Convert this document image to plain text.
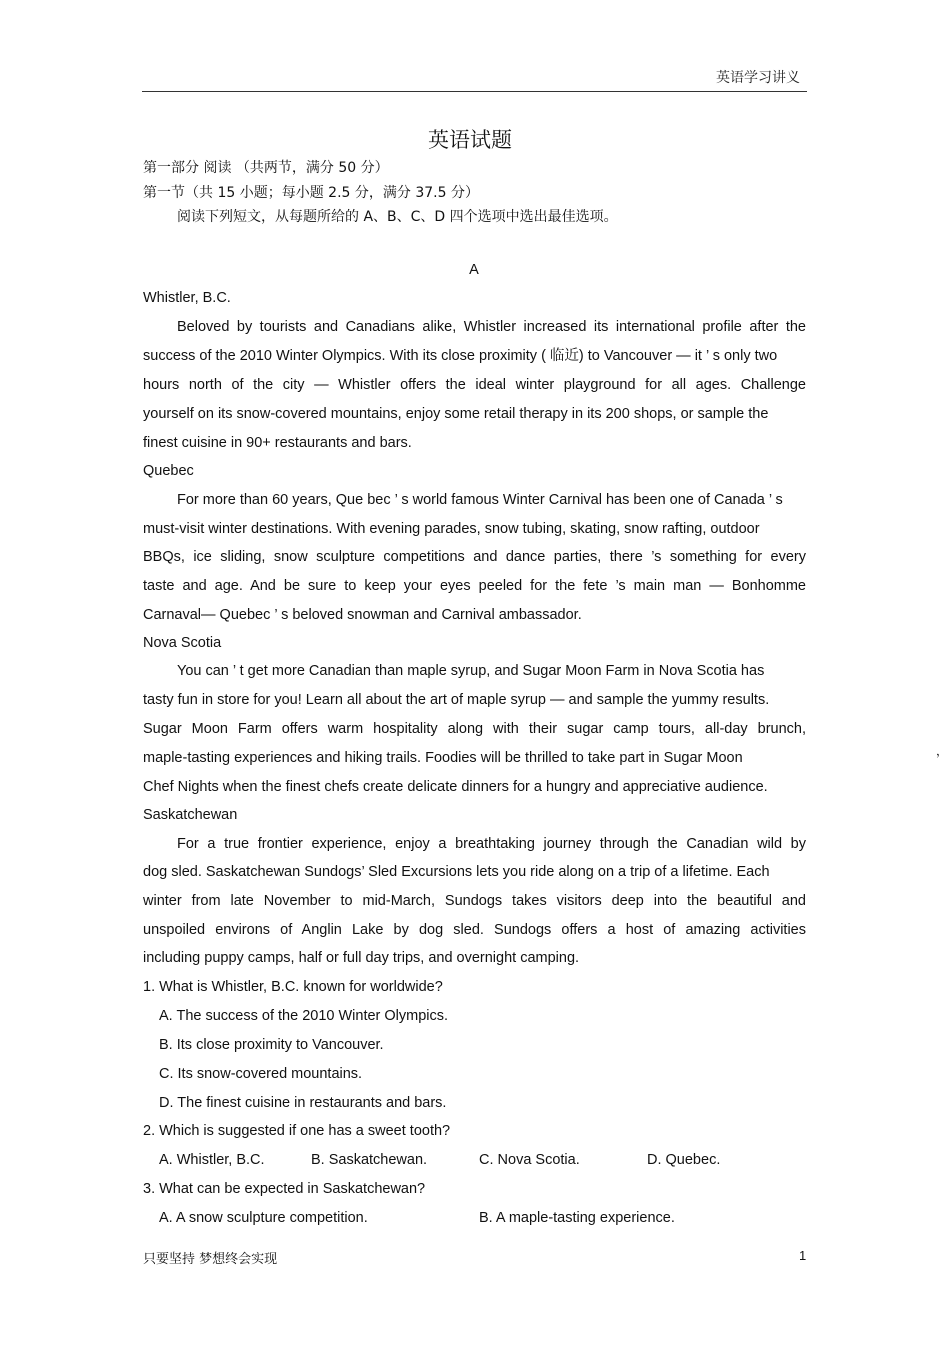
英语学习讲义
英语试题
第一部分 阅读 （共两节，满分 50 分）
第一节（共 15 小题；每小题 2.5 分，满分 37.5 分）
阅读下列短文，从每题所给的 A、B、C、D 四个选项中选出最佳选项。
A
Whistler, B.C.
Beloved by tourists and Canadians alike, Whistler increased its international profile after the
success of the 2010 Winter Olympics. With its close proximity ( 临近) to Vancouver — it ’ s only two
hours north of the city — Whistler offers the ideal winter playground for all ages. Challenge
yourself on its snow-covered mountains, enjoy some retail therapy in its 200 shops, or sample the
finest cuisine in 90+ restaurants and bars.
Quebec
For more than 60 years, Que bec ’ s world famous Winter Carnival has been one of Canada ’ s
must-visit winter destinations. With evening parades, snow tubing, skating, snow rafting, outdoor
BBQs, ice sliding, snow sculpture competitions and dance parties, there ’s something for every
taste and age. And be sure to keep your eyes peeled for the fete ’s main man — Bonhomme
Carnaval— Quebec ’ s beloved snowman and Carnival ambassador.
Nova Scotia
You can ’ t get more Canadian than maple syrup, and Sugar Moon Farm in Nova Scotia has
tasty fun in store for you! Learn all about the art of maple syrup — and sample the yummy results.
Sugar Moon Farm offers warm hospitality along with their sugar camp tours, all-day brunch,
maple-tasting experiences and hiking trails. Foodies will be thrilled to take part in Sugar Moon
Chef Nights when the finest chefs create delicate dinners for a hungry and appreciative audience.
，
Saskatchewan
For a true frontier experience, enjoy a breathtaking journey through the Canadian wild by
dog sled. Saskatchewan Sundogs’ Sled Excursions lets you ride along on a trip of a lifetime. Each
winter from late November to mid-March, Sundogs takes visitors deep into the beautiful and
unspoiled environs of Anglin Lake by dog sled. Sundogs offers a host of amazing activities
including puppy camps, half or full day trips, and overnight camping.
1. What is Whistler, B.C. known for worldwide?
A. The success of the 2010 Winter Olympics.
B. Its close proximity to Vancouver.
C. Its snow-covered mountains.
D. The finest cuisine in restaurants and bars.
2. Which is suggested if one has a sweet tooth?
A. Whistler, B.C.	B. Saskatchewan.	C. Nova Scotia.	D. Quebec.
3. What can be expected in Saskatchewan?
A. A snow sculpture competition.	B. A maple-tasting experience.
只要坚持 梦想终会实现	1
